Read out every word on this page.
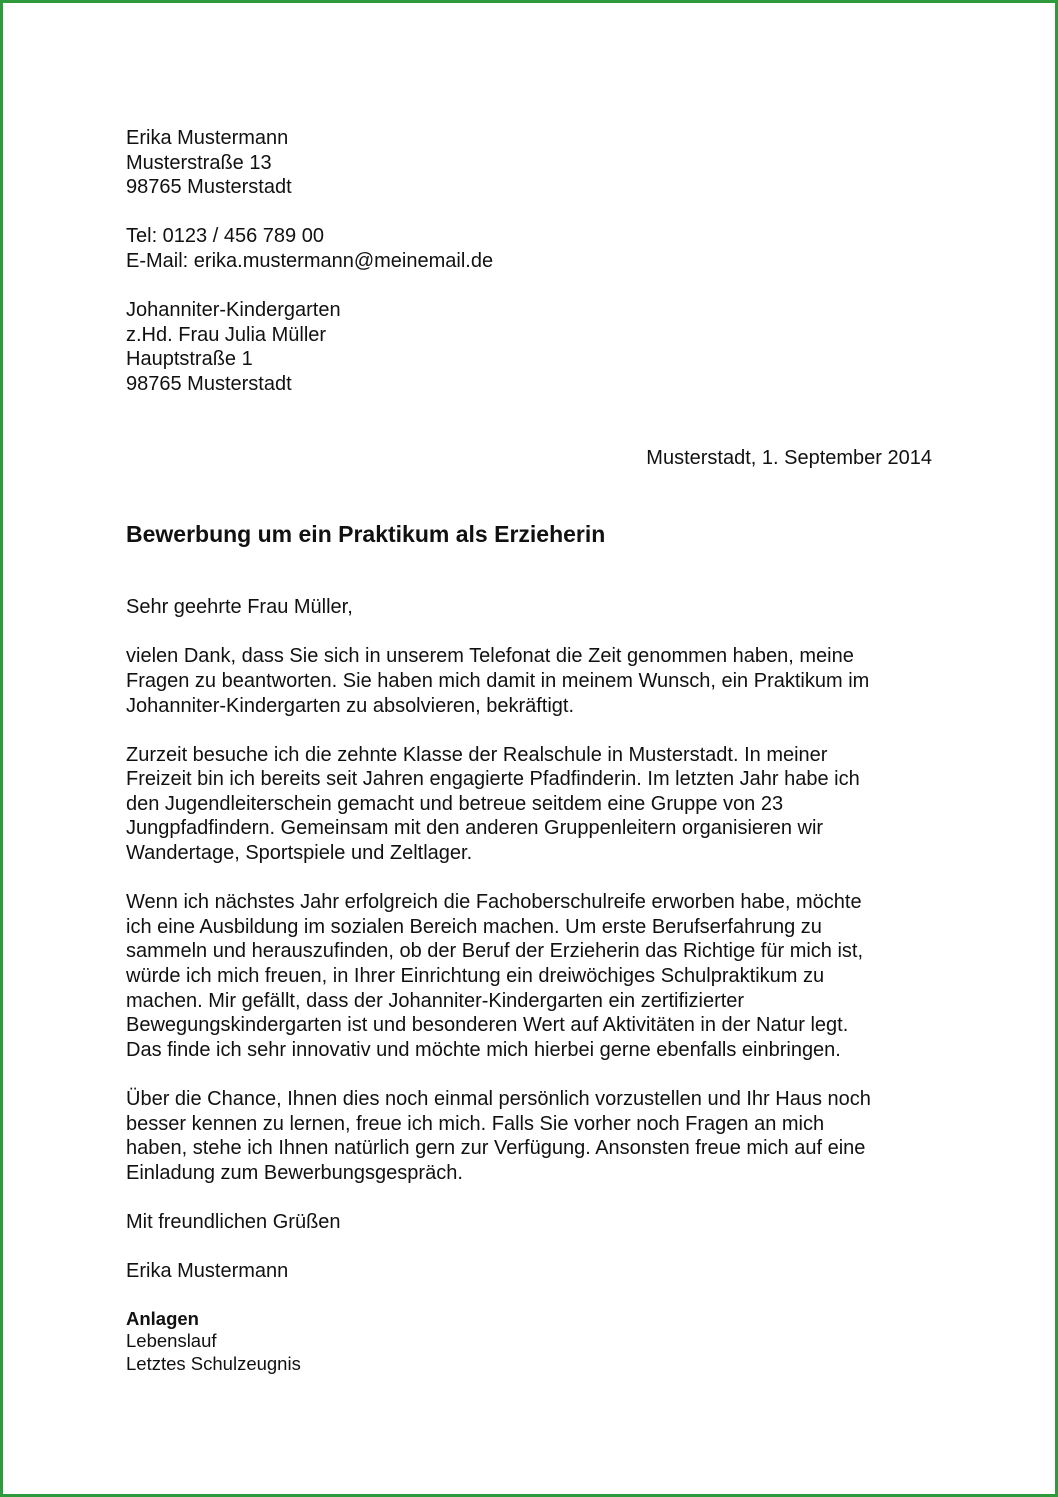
Erika Mustermann
Musterstraße 13
98765 Musterstadt
Tel: 0123 / 456 789 00
E-Mail: erika.mustermann@meinemail.de
Johanniter-Kindergarten
z.Hd. Frau Julia Müller
Hauptstraße 1
98765 Musterstadt
Musterstadt, 1. September 2014
Bewerbung um ein Praktikum als Erzieherin
Sehr geehrte Frau Müller,
vielen Dank, dass Sie sich in unserem Telefonat die Zeit genommen haben, meine
Fragen zu beantworten. Sie haben mich damit in meinem Wunsch, ein Praktikum im
Johanniter-Kindergarten zu absolvieren, bekräftigt.
Zurzeit besuche ich die zehnte Klasse der Realschule in Musterstadt. In meiner
Freizeit bin ich bereits seit Jahren engagierte Pfadfinderin. Im letzten Jahr habe ich
den Jugendleiterschein gemacht und betreue seitdem eine Gruppe von 23
Jungpfadfindern. Gemeinsam mit den anderen Gruppenleitern organisieren wir
Wandertage, Sportspiele und Zeltlager.
Wenn ich nächstes Jahr erfolgreich die Fachoberschulreife erworben habe, möchte
ich eine Ausbildung im sozialen Bereich machen. Um erste Berufserfahrung zu
sammeln und herauszufinden, ob der Beruf der Erzieherin das Richtige für mich ist,
würde ich mich freuen, in Ihrer Einrichtung ein dreiwöchiges Schulpraktikum zu
machen. Mir gefällt, dass der Johanniter-Kindergarten ein zertifizierter
Bewegungskindergarten ist und besonderen Wert auf Aktivitäten in der Natur legt.
Das finde ich sehr innovativ und möchte mich hierbei gerne ebenfalls einbringen.
Über die Chance, Ihnen dies noch einmal persönlich vorzustellen und Ihr Haus noch
besser kennen zu lernen, freue ich mich. Falls Sie vorher noch Fragen an mich
haben, stehe ich Ihnen natürlich gern zur Verfügung. Ansonsten freue mich auf eine
Einladung zum Bewerbungsgespräch.
Mit freundlichen Grüßen
Erika Mustermann
Anlagen
Lebenslauf
Letztes Schulzeugnis
